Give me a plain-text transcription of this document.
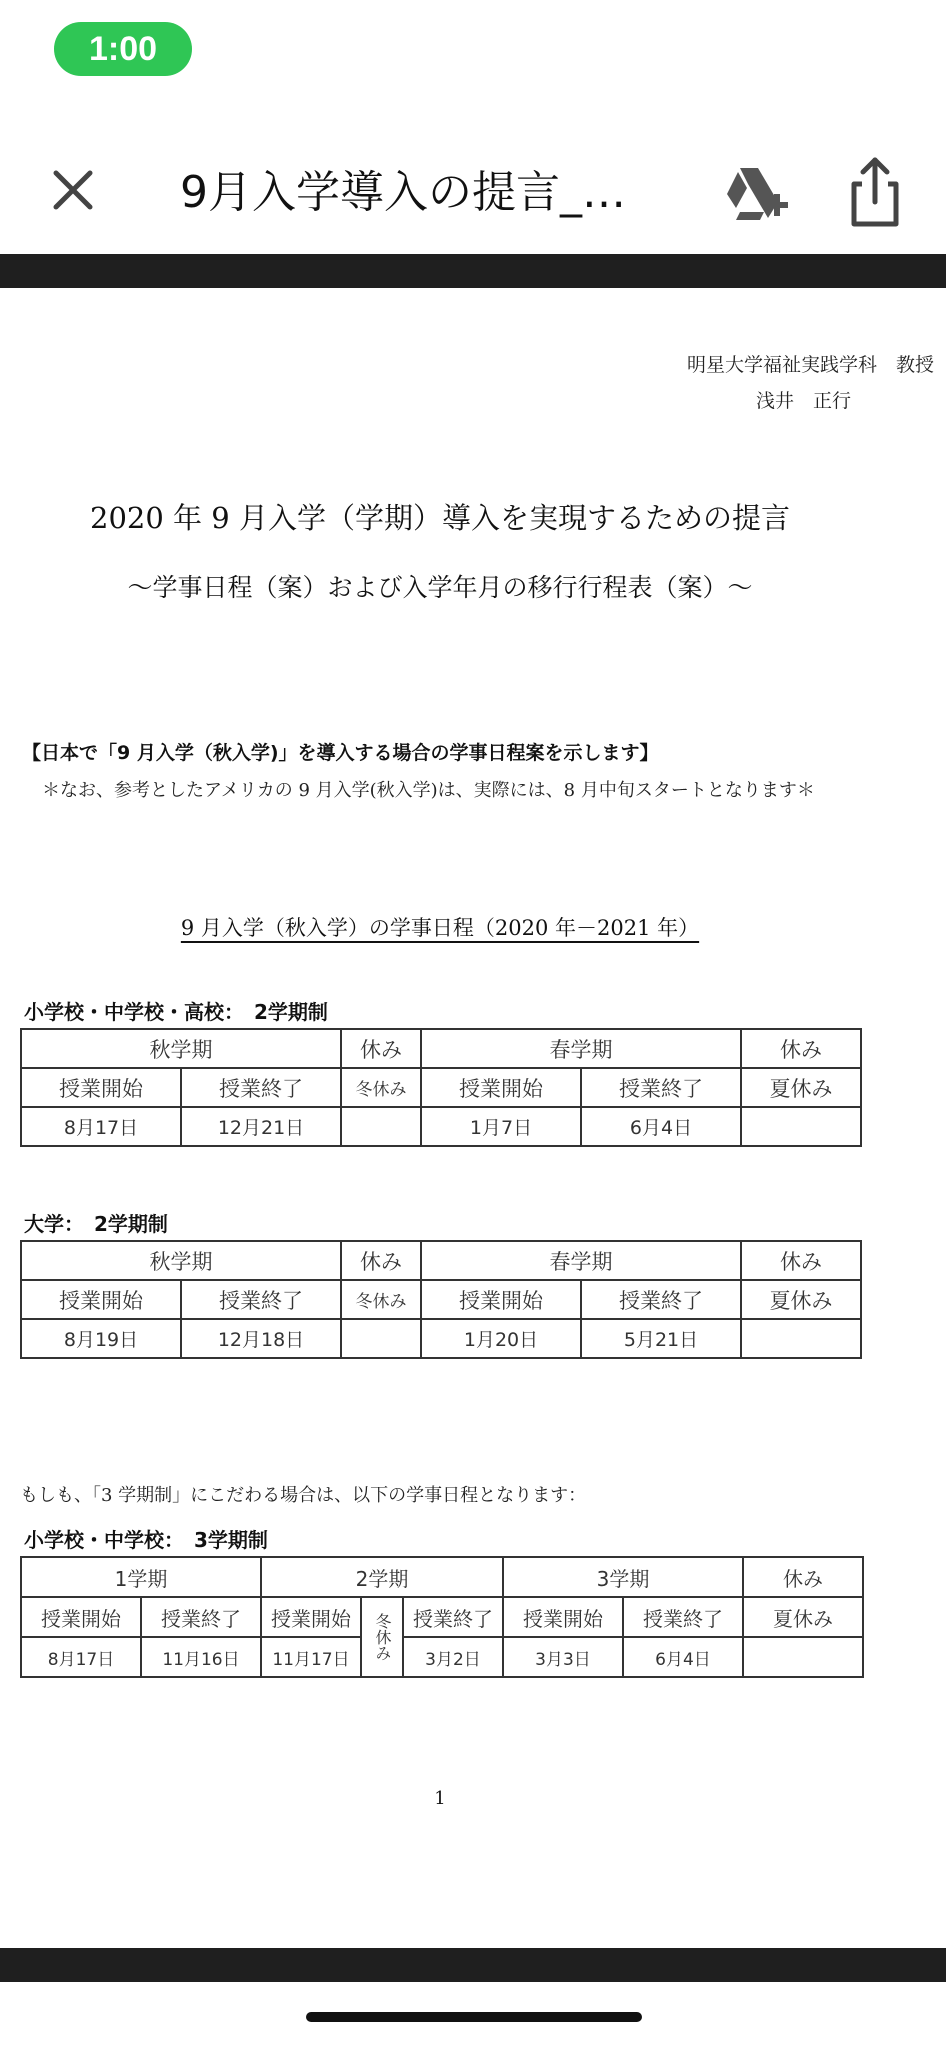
1:00
9月入学導入の提言_…
明星大学福祉実践学科　教授
浅井　正行
2020 年 9 月入学（学期）導入を実現するための提言
～学事日程（案）および入学年月の移行行程表（案）～
【日本で「9 月入学（秋入学)」を導入する場合の学事日程案を示します】
＊なお、参考としたアメリカの 9 月入学(秋入学)は、実際には、8 月中旬スタートとなります＊
9 月入学（秋入学）の学事日程（2020 年－2021 年）
小学校・中学校・高校：　2学期制
秋学期		休み	春学期		休み
授業開始	授業終了	冬休み	授業開始	授業終了	夏休み
8月17日	12月21日		1月7日	6月4日	
大学：　2学期制
秋学期		休み	春学期		休み
授業開始	授業終了	冬休み	授業開始	授業終了	夏休み
8月19日	12月18日		1月20日	5月21日	
もしも、「3 学期制」にこだわる場合は、以下の学事日程となります：
小学校・中学校：　3学期制
1学期		2学期			3学期		休み
授業開始	授業終了	授業開始	冬休み	授業終了	授業開始	授業終了	夏休み
8月17日	11月16日	11月17日		3月2日	3月3日	6月4日	
1
